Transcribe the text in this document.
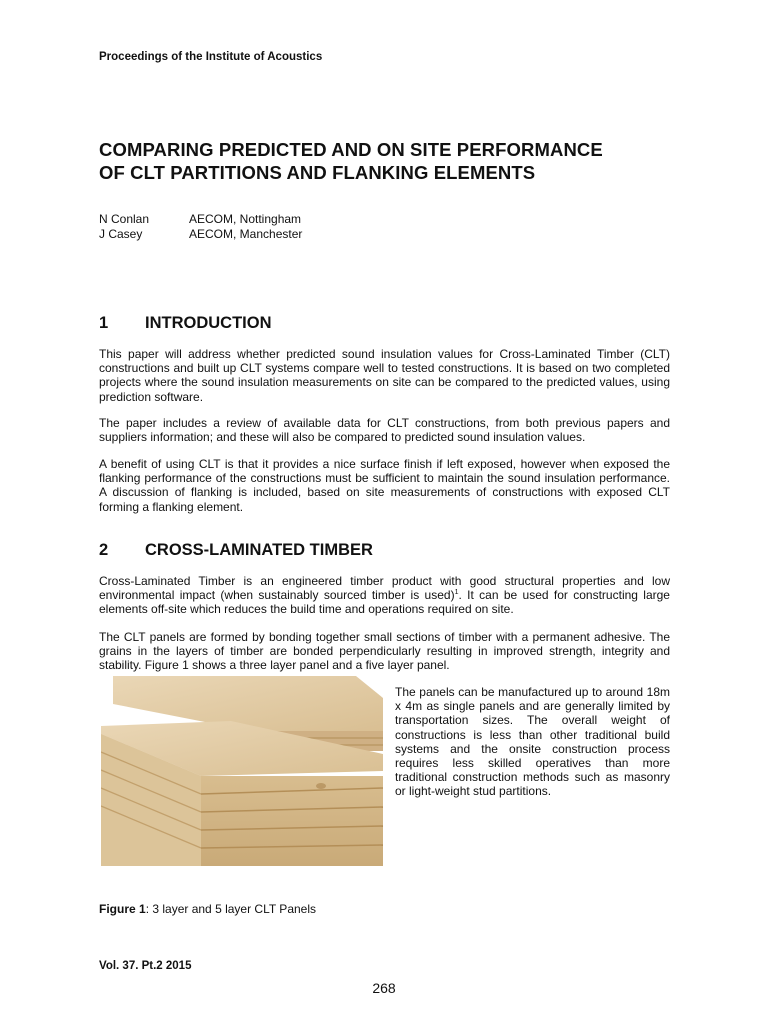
Proceedings of the Institute of Acoustics
COMPARING PREDICTED AND ON SITE PERFORMANCE
OF CLT PARTITIONS AND FLANKING ELEMENTS
N Conlan	AECOM, Nottingham
J Casey	AECOM, Manchester
1	INTRODUCTION
This paper will address whether predicted sound insulation values for Cross-Laminated Timber (CLT) constructions and built up CLT systems compare well to tested constructions. It is based on two completed projects where the sound insulation measurements on site can be compared to the predicted values, using prediction software.
The paper includes a review of available data for CLT constructions, from both previous papers and suppliers information; and these will also be compared to predicted sound insulation values.
A benefit of using CLT is that it provides a nice surface finish if left exposed, however when exposed the flanking performance of the constructions must be sufficient to maintain the sound insulation performance. A discussion of flanking is included, based on site measurements of constructions with exposed CLT forming a flanking element.
2	CROSS-LAMINATED TIMBER
Cross-Laminated Timber is an engineered timber product with good structural properties and low environmental impact (when sustainably sourced timber is used)$^1$. It can be used for constructing large elements off-site which reduces the build time and operations required on site.
The CLT panels are formed by bonding together small sections of timber with a permanent adhesive. The grains in the layers of timber are bonded perpendicularly resulting in improved strength, integrity and stability. Figure 1 shows a three layer panel and a five layer panel.
The panels can be manufactured up to around 18m x 4m as single panels and are generally limited by transportation sizes. The overall weight of constructions is less than other traditional build systems and the onsite construction process requires less skilled operatives than more traditional construction methods such as masonry or light-weight stud partitions.
Figure 1: 3 layer and 5 layer CLT Panels
Vol. 37. Pt.2 2015
268
